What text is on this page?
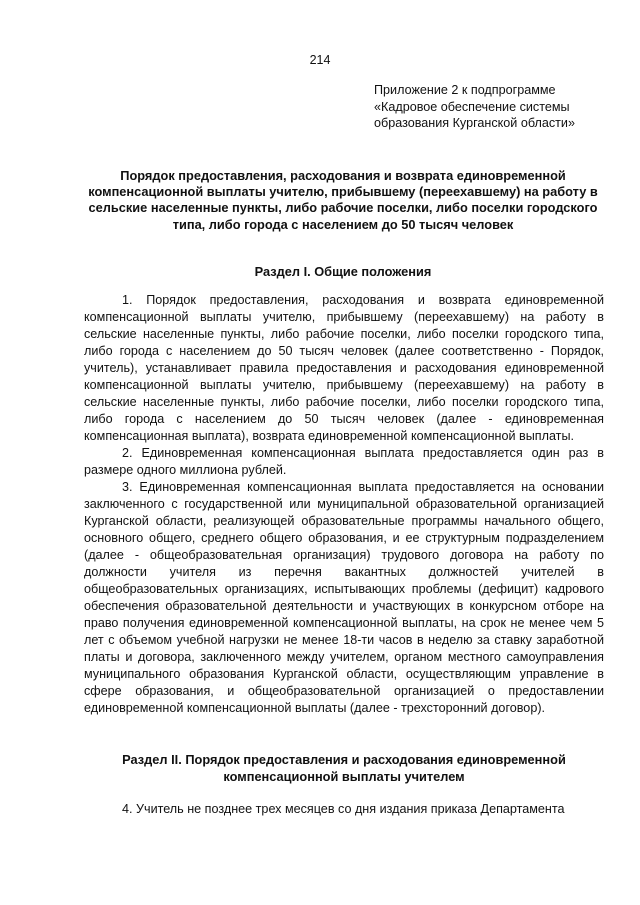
214
Приложение 2 к подпрограмме
«Кадровое обеспечение системы
образования Курганской области»
Порядок предоставления, расходования и возврата единовременной компенсационной выплаты учителю, прибывшему (переехавшему) на работу в сельские населенные пункты, либо рабочие поселки, либо поселки городского типа, либо города с населением до 50 тысяч человек
Раздел I. Общие положения

1. Порядок предоставления, расходования и возврата единовременной компенсационной выплаты учителю, прибывшему (переехавшему) на работу в сельские населенные пункты, либо рабочие поселки, либо поселки городского типа, либо города с населением до 50 тысяч человек (далее соответственно - Порядок, учитель), устанавливает правила предоставления и расходования единовременной компенсационной выплаты учителю, прибывшему (переехавшему) на работу в сельские населенные пункты, либо рабочие поселки, либо поселки городского типа, либо города с населением до 50 тысяч человек (далее - единовременная компенсационная выплата), возврата единовременной компенсационной выплаты.

2. Единовременная компенсационная выплата предоставляется один раз в размере одного миллиона рублей.

3. Единовременная компенсационная выплата предоставляется на основании заключенного с государственной или муниципальной образовательной организацией Курганской области, реализующей образовательные программы начального общего, основного общего, среднего общего образования, и ее структурным подразделением (далее - общеобразовательная организация) трудового договора на работу по должности учителя из перечня вакантных должностей учителей в общеобразовательных организациях, испытывающих проблемы (дефицит) кадрового обеспечения образовательной деятельности и участвующих в конкурсном отборе на право получения единовременной компенсационной выплаты, на срок не менее чем 5 лет с объемом учебной нагрузки не менее 18-ти часов в неделю за ставку заработной платы и договора, заключенного между учителем, органом местного самоуправления муниципального образования Курганской области, осуществляющим управление в сфере образования, и общеобразовательной организацией о предоставлении единовременной компенсационной выплаты (далее - трехсторонний договор).

Раздел II. Порядок предоставления и расходования единовременной компенсационной выплаты учителем

4. Учитель не позднее трех месяцев со дня издания приказа Департамента
